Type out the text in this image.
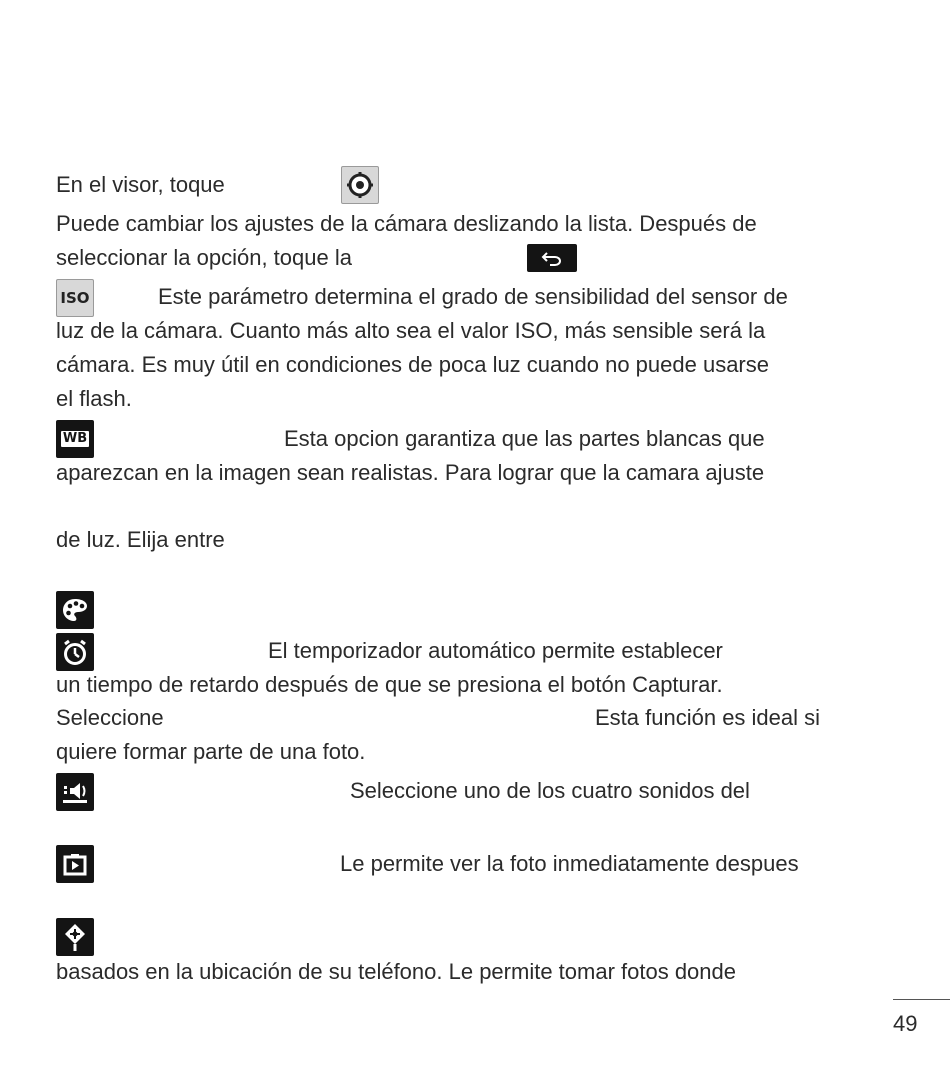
En el visor, toque
Puede cambiar los ajustes de la cámara deslizando la lista. Después de
seleccionar la opción, toque la
ISO	Este parámetro determina el grado de sensibilidad del sensor de
luz de la cámara. Cuanto más alto sea el valor ISO, más sensible será la
cámara. Es muy útil en condiciones de poca luz cuando no puede usarse
el flash.
WB	Esta opcion garantiza que las partes blancas que
aparezcan en la imagen sean realistas. Para lograr que la camara ajuste
de luz. Elija entre
El temporizador automático permite establecer
un tiempo de retardo después de que se presiona el botón Capturar.
Seleccione	Esta función es ideal si
quiere formar parte de una foto.
Seleccione uno de los cuatro sonidos del
Le permite ver la foto inmediatamente despues
basados en la ubicación de su teléfono. Le permite tomar fotos donde
49
